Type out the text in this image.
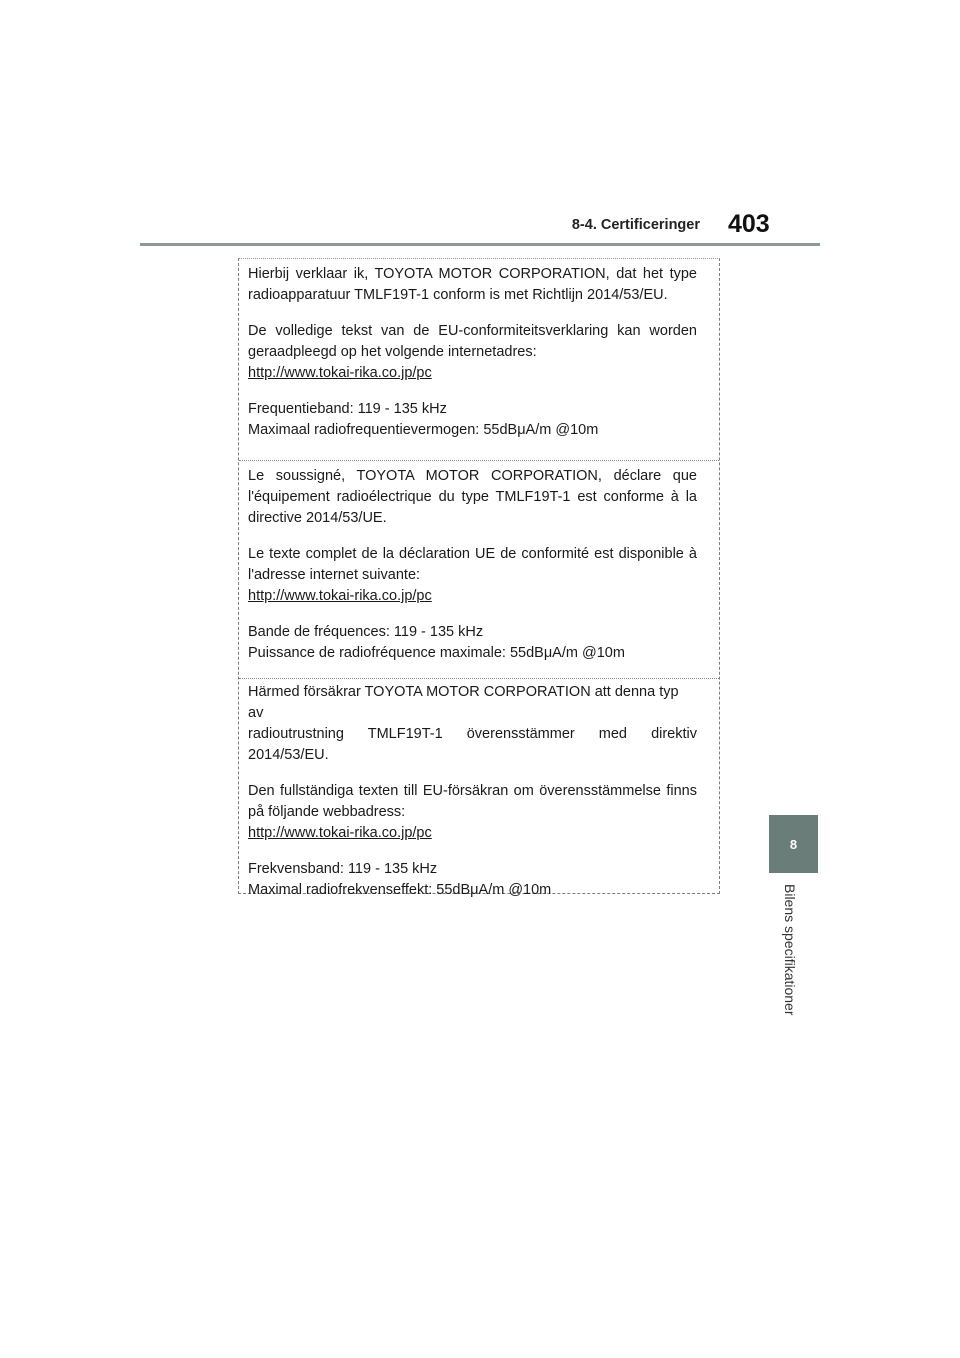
8-4. Certificeringer 403
8
Bilens specifikationer

Hierbij verklaar ik, TOYOTA MOTOR CORPORATION, dat het type
radioapparatuur TMLF19T-1 conform is met Richtlijn 2014/53/EU.

De volledige tekst van de EU-conformiteitsverklaring kan worden
geraadpleegd op het volgende internetadres:
http://www.tokai-rika.co.jp/pc

Frequentieband: 119 - 135 kHz
Maximaal radiofrequentievermogen: 55dBμA/m @10m

Le soussigné, TOYOTA MOTOR CORPORATION, déclare que
l'équipement radioélectrique du type TMLF19T-1 est conforme à la
directive 2014/53/UE.

Le texte complet de la déclaration UE de conformité est disponible à
l'adresse internet suivante:
http://www.tokai-rika.co.jp/pc

Bande de fréquences: 119 - 135 kHz
Puissance de radiofréquence maximale: 55dBμA/m @10m

Härmed försäkrar TOYOTA MOTOR CORPORATION att denna typ av
radioutrustning TMLF19T-1 överensstämmer med direktiv
2014/53/EU.

Den fullständiga texten till EU-försäkran om överensstämmelse finns
på följande webbadress:
http://www.tokai-rika.co.jp/pc

Frekvensband: 119 - 135 kHz
Maximal radiofrekvenseffekt: 55dBμA/m @10m
